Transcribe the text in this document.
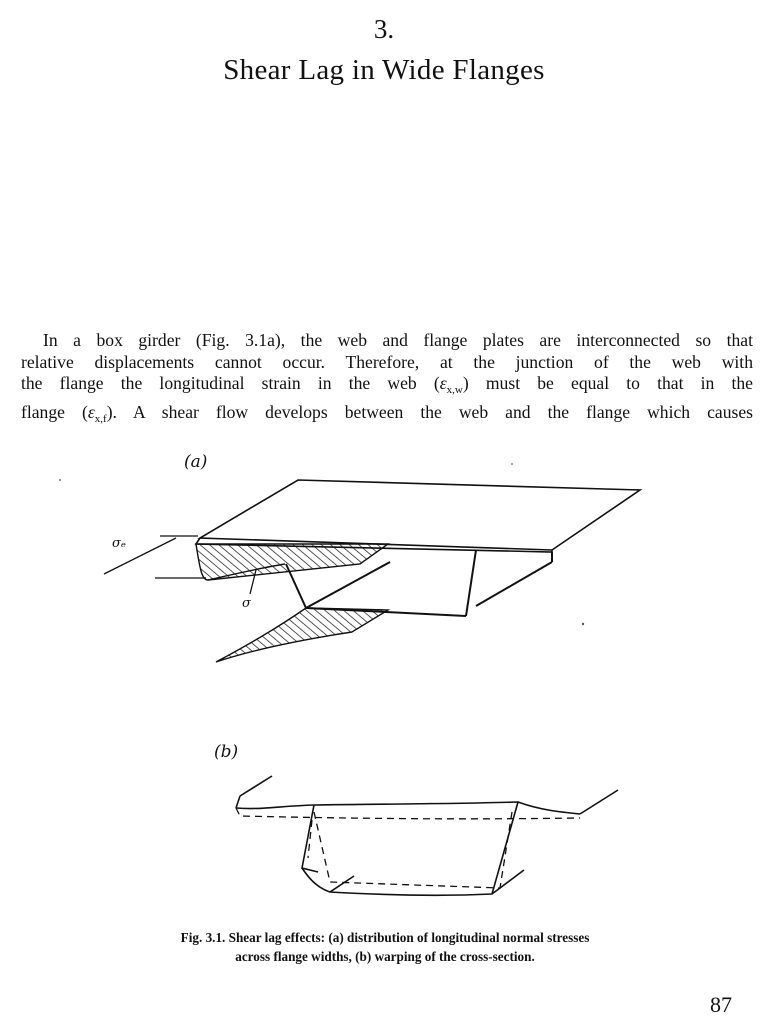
3.
Shear Lag in Wide Flanges

In a box girder (Fig. 3.1a), the web and flange plates are interconnected so that
relative displacements cannot occur. Therefore, at the junction of the web with
the flange the longitudinal strain in the web $(\varepsilon_{x,w})$ must be equal to that in the
flange $(\varepsilon_{x,f})$. A shear flow develops between the web and the flange which causes

(a)
(b)
σₑ
σ

Fig. 3.1. Shear lag effects: (a) distribution of longitudinal normal stresses
across flange widths, (b) warping of the cross-section.

87
